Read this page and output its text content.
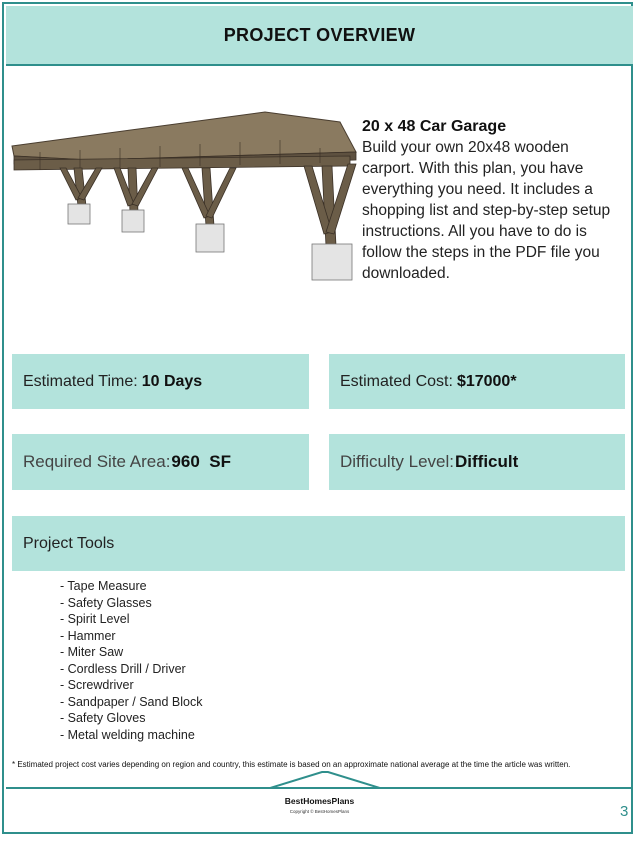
PROJECT OVERVIEW
20 x 48 Car Garage
Build your own 20x48 wooden carport. With this plan, you have everything you need. It includes a shopping list and step-by-step setup instructions. All you have to do is follow the steps in the PDF file you downloaded.
Estimated Time: 10 Days	Estimated Cost: $17000*
Required Site Area: 960  SF	Difficulty Level: Difficult
Project Tools
- Tape Measure
- Safety Glasses
- Spirit Level
- Hammer
- Miter Saw
- Cordless Drill / Driver
- Screwdriver
- Sandpaper / Sand Block
- Safety Gloves
- Metal welding machine
* Estimated project cost varies depending on region and country, this estimate is based on an approximate national average at the time the article was written.
BestHomesPlans
Copyright © BestHomesPlans	3
